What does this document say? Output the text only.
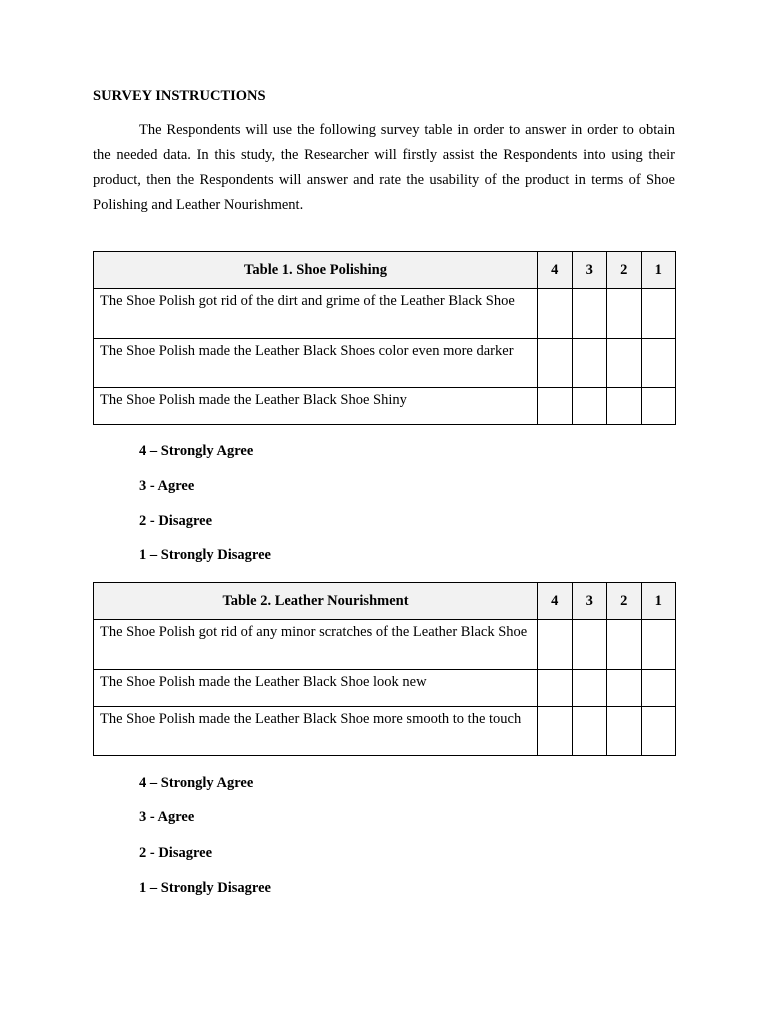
SURVEY INSTRUCTIONS

The Respondents will use the following survey table in order to answer in order to obtain the needed data. In this study, the Researcher will firstly assist the Respondents into using their product, then the Respondents will answer and rate the usability of the product in terms of Shoe Polishing and Leather Nourishment.

Table 1. Shoe Polishing	4	3	2	1
The Shoe Polish got rid of the dirt and grime of the Leather Black Shoe				
The Shoe Polish made the Leather Black Shoes color even more darker				
The Shoe Polish made the Leather Black Shoe Shiny				
4 – Strongly Agree
3 - Agree
2 - Disagree
1 – Strongly Disagree
Table 2. Leather Nourishment	4	3	2	1
The Shoe Polish got rid of any minor scratches of the Leather Black Shoe				
The Shoe Polish made the Leather Black Shoe look new				
The Shoe Polish made the Leather Black Shoe more smooth to the touch				
4 – Strongly Agree
3 - Agree
2 - Disagree
1 – Strongly Disagree
